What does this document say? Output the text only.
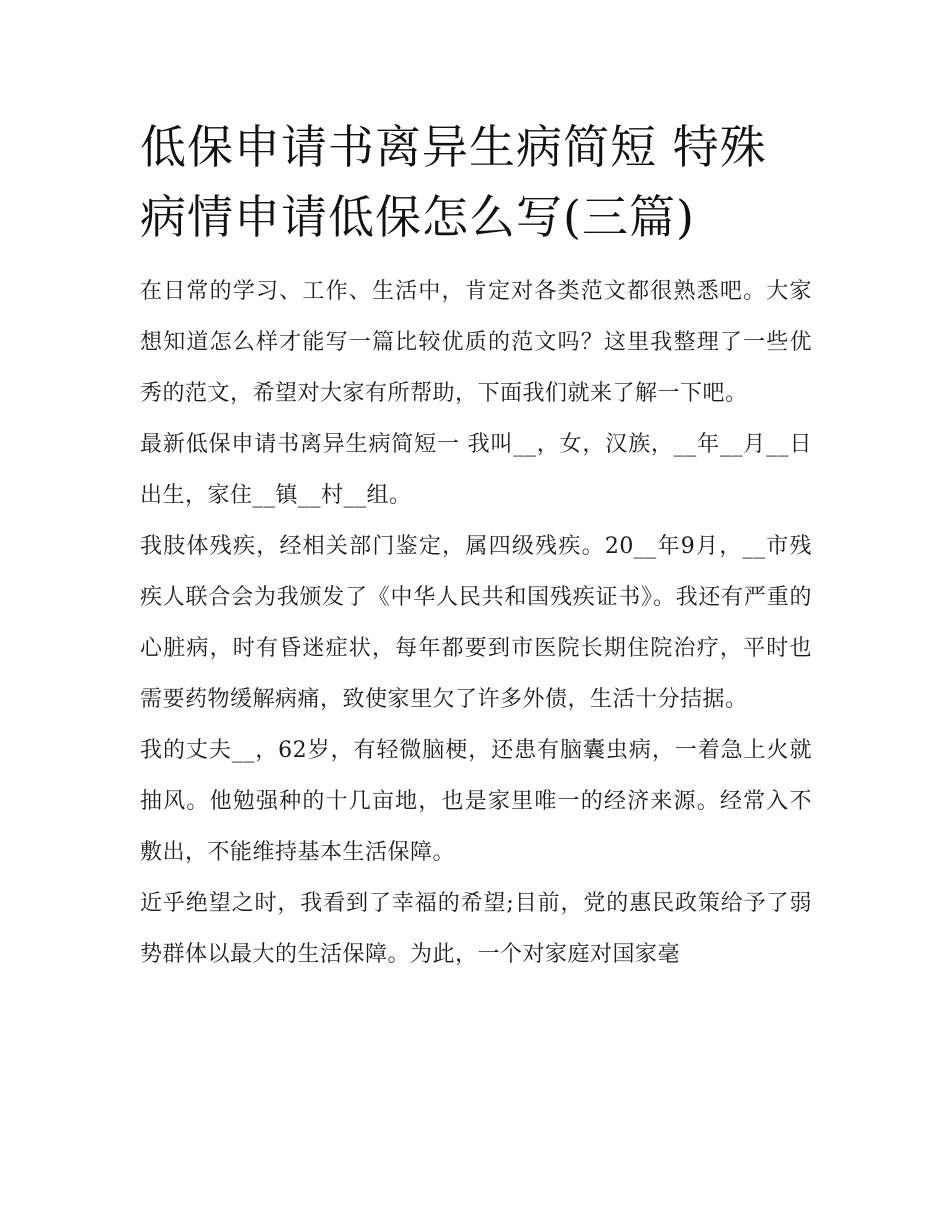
低保申请书离异生病简短 特殊病情申请低保怎么写(三篇)

在日常的学习、工作、生活中，肯定对各类范文都很熟悉吧。大家想知道怎么样才能写一篇比较优质的范文吗？这里我整理了一些优秀的范文，希望对大家有所帮助，下面我们就来了解一下吧。

最新低保申请书离异生病简短一 我叫__，女，汉族，__年__月__日出生，家住__镇__村__组。

我肢体残疾，经相关部门鉴定，属四级残疾。20__年9月，__市残疾人联合会为我颁发了《中华人民共和国残疾证书》。我还有严重的心脏病，时有昏迷症状，每年都要到市医院长期住院治疗，平时也需要药物缓解病痛，致使家里欠了许多外债，生活十分拮据。

我的丈夫__，62岁，有轻微脑梗，还患有脑囊虫病，一着急上火就抽风。他勉强种的十几亩地，也是家里唯一的经济来源。经常入不敷出，不能维持基本生活保障。

近乎绝望之时，我看到了幸福的希望;目前，党的惠民政策给予了弱势群体以最大的生活保障。为此，一个对家庭对国家毫
